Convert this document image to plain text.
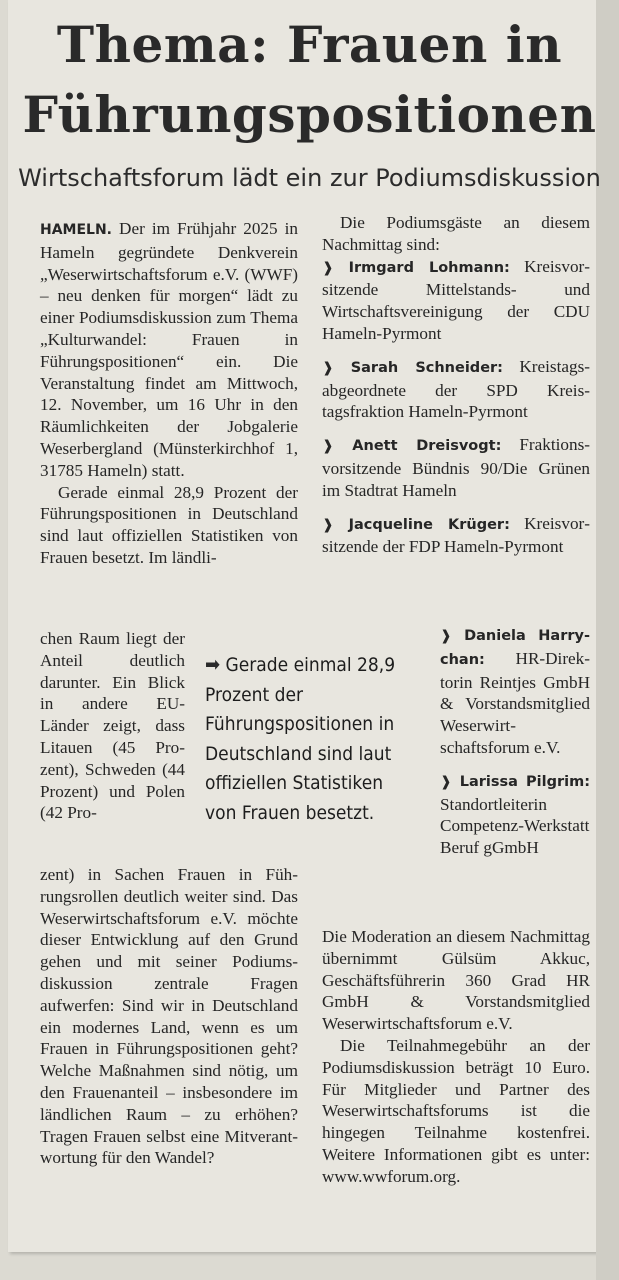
Thema: Frauen in
Führungspositionen
Wirtschaftsforum lädt ein zur Podiumsdiskussion

HAMELN. Der im Frühjahr 2025 in Hameln gegründete Denkverein „Weserwirtschaftsforum e.V. (WWF) – neu denken für morgen“ lädt zu einer Podiumsdiskussion zum Thema „Kulturwandel: Frauen in Führungspositionen“ ein. Die Veranstaltung findet am Mittwoch, 12. November, um 16 Uhr in den Räumlichkeiten der Jobgalerie Weserbergland (Münsterkirchhof 1, 31785 Hameln) statt.

Gerade einmal 28,9 Prozent der Führungspositionen in Deutschland sind laut offiziellen Statistiken von Frauen besetzt. Im ländli-

chen Raum liegt der Anteil deutlich darunter. Ein Blick in andere EU-Länder zeigt, dass Litauen (45 Prozent), Schweden (44 Prozent) und Polen (42 Pro-
➡ Gerade einmal 28,9 Prozent der Führungspositionen in Deutschland sind laut offiziellen Statistiken von Frauen besetzt.
zent) in Sachen Frauen in Führungsrollen deutlich weiter sind. Das Weserwirtschaftsforum e.V. möchte dieser Entwicklung auf den Grund gehen und mit seiner Podiumsdiskussion zentrale Fragen aufwerfen: Sind wir in Deutschland ein modernes Land, wenn es um Frauen in Führungspositionen geht? Welche Maßnahmen sind nötig, um den Frauenanteil – insbesondere im ländlichen Raum – zu erhöhen? Tragen Frauen selbst eine Mitverantwortung für den Wandel?

Die Podiumsgäste an diesem Nachmittag sind:

❱ Irmgard Lohmann: Kreisvorsitzende Mittelstands- und Wirtschaftsvereinigung der CDU Hameln-Pyrmont

❱ Sarah Schneider: Kreistagsabgeordnete der SPD Kreistagsfraktion Hameln-Pyrmont

❱ Anett Dreisvogt: Fraktionsvorsitzende Bündnis 90/Die Grünen im Stadtrat Hameln

❱ Jacqueline Krüger: Kreisvorsitzende der FDP Hameln-Pyrmont

❱ Daniela Harrychan: HR-Direktorin Reintjes GmbH & Vorstandsmitglied Weserwirtschaftsforum e.V.

❱ Larissa Pilgrim: Standortleiterin Competenz-Werkstatt Beruf gGmbH

Die Moderation an diesem Nachmittag übernimmt Gülsüm Akkuc, Geschäftsführerin 360 Grad HR GmbH & Vorstandsmitglied Weserwirtschaftsforum e.V.

Die Teilnahmegebühr an der Podiumsdiskussion beträgt 10 Euro. Für Mitglieder und Partner des Weserwirtschaftsforums ist die hingegen Teilnahme kostenfrei. Weitere Informationen gibt es unter: www.wwforum.org.
